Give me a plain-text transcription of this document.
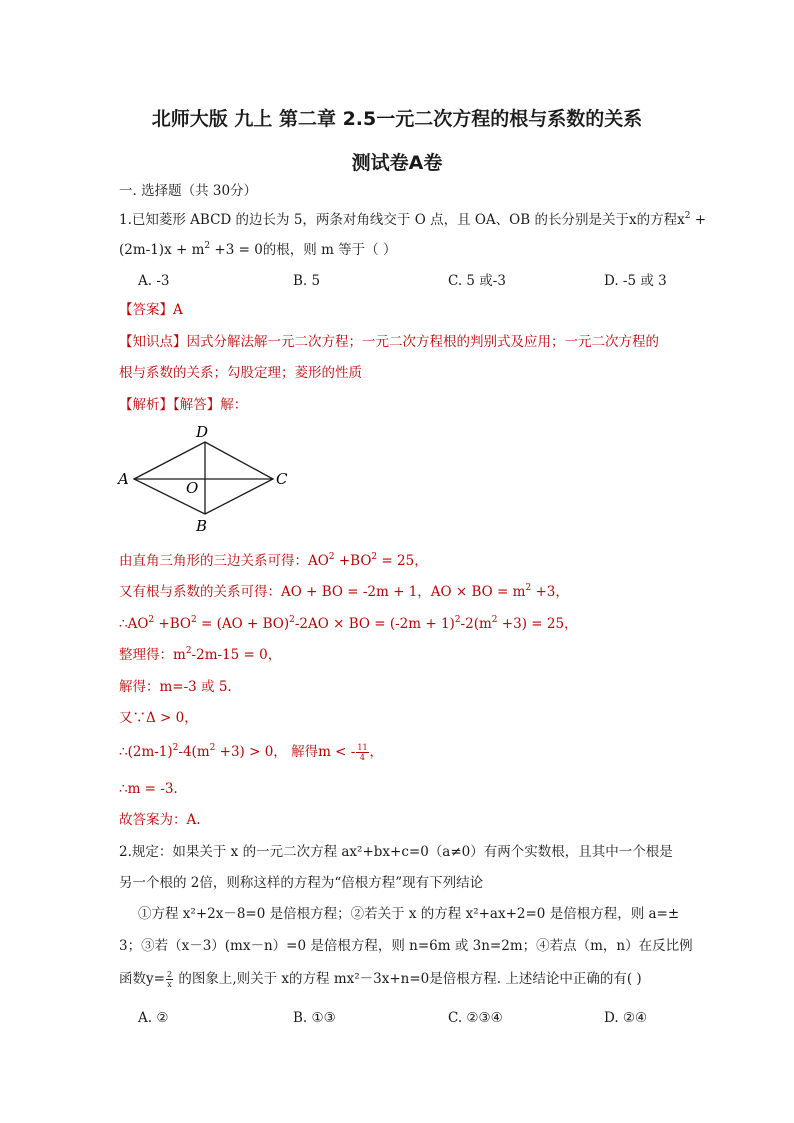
北师大版 九上 第二章 2.5一元二次方程的根与系数的关系
测试卷A卷
一. 选择题（共 30分）
1.已知菱形 ABCD 的边长为 5，两条对角线交于 O 点，且 OA、OB 的长分别是关于x的方程$x^2$ +
$(2m-1)x + m^2 +3 = 0$的根，则 m 等于（ ）
A. -3	B. 5	C. 5 或-3	D. -5 或 3
【答案】A
【知识点】因式分解法解一元二次方程；一元二次方程根的判别式及应用；一元二次方程的
根与系数的关系；勾股定理；菱形的性质
【解析】【解答】解：
D
A	C
O
B
由直角三角形的三边关系可得：$AO^2 +BO^2 = 25$，
又有根与系数的关系可得：AO + BO = -2m + 1，AO × BO = $m^2 +3$，
$\therefore AO^2 +BO^2 = (AO + BO)^2-2AO$ × BO = $(-2m + 1)^2-2(m^2 +3) = 25$，
整理得：$m^2-2m-15 = 0$，
解得：m=-3 或 5.
又∵Δ > 0，
$\therefore(2m-1)^2-4(m^2 +3) > 0$， 解得m < - $\frac{11}{4}$ ，
∴m = -3.
故答案为：A.
2.规定：如果关于 x 的一元二次方程 ax²+bx+c=0（a≠0）有两个实数根，且其中一个根是
另一个根的 2倍，则称这样的方程为“倍根方程”现有下列结论
①方程 x²+2x－8=0 是倍根方程；②若关于 x 的方程 x²+ax+2=0 是倍根方程，则 a=±
3；③若（x－3）(mx－n）=0 是倍根方程，则 n=6m 或 3n=2m；④若点（m，n）在反比例
函数$y= \frac{2}{x}$ 的图象上,则关于 x的方程 mx²－3x+n=0是倍根方程. 上述结论中正确的有( )
A. ②	B. ①③	C. ②③④	D. ②④
